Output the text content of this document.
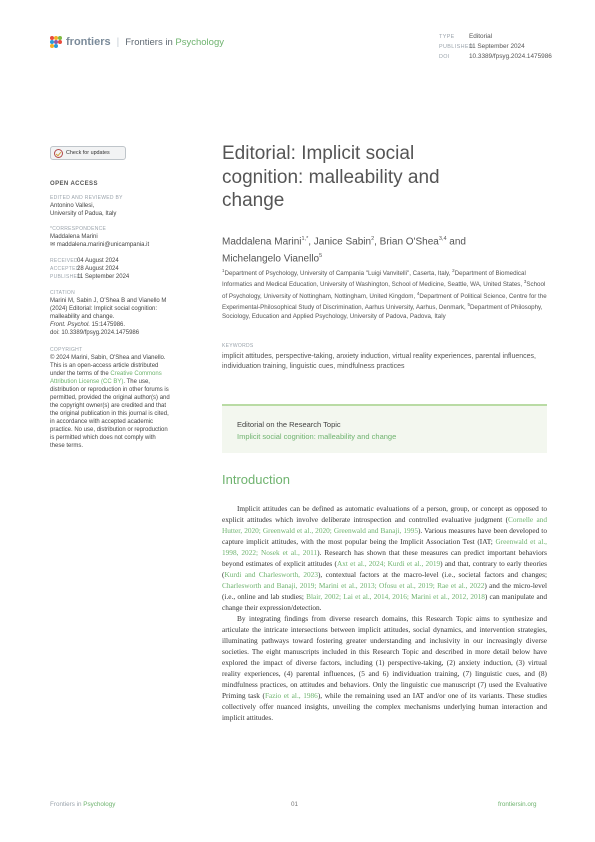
frontiers | Frontiers in Psychology	TYPE Editorial
PUBLISHED11 September 2024
DOI	10.3389/fpsyg.2024.1475986
Check for updates
OPEN ACCESS
EDITED AND REVIEWED BY
Antonino Vallesi,
University of Padua, Italy
*CORRESPONDENCE
Maddalena Marini
✉ maddalena.marini@unicampania.it
RECEIVED04 August 2024
ACCEPTED28 August 2024
PUBLISHED11 September 2024
CITATION
Marini M, Sabin J, O'Shea B and Vianello M
(2024) Editorial: Implicit social cognition:
malleability and change.
Front. Psychol. 15:1475986.
doi: 10.3389/fpsyg.2024.1475986
COPYRIGHT
© 2024 Marini, Sabin, O'Shea and Vianello.
This is an open-access article distributed
under the terms of the Creative Commons
Attribution License (CC BY). The use,
distribution or reproduction in other forums is
permitted, provided the original author(s) and
the copyright owner(s) are credited and that
the original publication in this journal is cited,
in accordance with accepted academic
practice. No use, distribution or reproduction
is permitted which does not comply with
these terms.
Editorial: Implicit social
cognition: malleability and
change
Maddalena Marini$^{1,*}$, Janice Sabin$^2$, Brian O'Shea$^{3,4}$ and
Michelangelo Vianello$^5$
$^1$Department of Psychology, University of Campania "Luigi Vanvitelli", Caserta, Italy, $^2$Department of Biomedical Informatics and Medical Education, University of Washington, School of Medicine, Seattle, WA, United States, $^3$School of Psychology, University of Nottingham, Nottingham, United Kingdom, $^4$Department of Political Science, Centre for the Experimental-Philosophical Study of Discrimination, Aarhus University, Aarhus, Denmark, $^5$Department of Philosophy, Sociology, Education and Applied Psychology, University of Padova, Padova, Italy
KEYWORDS
implicit attitudes, perspective-taking, anxiety induction, virtual reality experiences, parental influences, individuation training, linguistic cues, mindfulness practices
Editorial on the Research Topic
Implicit social cognition: malleability and change
Introduction

Implicit attitudes can be defined as automatic evaluations of a person, group, or concept as opposed to explicit attitudes which involve deliberate introspection and controlled evaluative judgment (Cornelle and Hutter, 2020; Greenwald et al., 2020; Greenwald and Banaji, 1995). Various measures have been developed to capture implicit attitudes, with the most popular being the Implicit Association Test (IAT; Greenwald et al., 1998, 2022; Nosek et al., 2011). Research has shown that these measures can predict important behaviors beyond estimates of explicit attitudes (Axt et al., 2024; Kurdi et al., 2019) and that, contrary to early theories (Kurdi and Charlesworth, 2023), contextual factors at the macro-level (i.e., societal factors and changes; Charlesworth and Banaji, 2019; Marini et al., 2013; Ofosu et al., 2019; Rae et al., 2022) and the micro-level (i.e., online and lab studies; Blair, 2002; Lai et al., 2014, 2016; Marini et al., 2012, 2018) can manipulate and change their expression/detection.

By integrating findings from diverse research domains, this Research Topic aims to synthesize and articulate the intricate intersections between implicit attitudes, social dynamics, and intervention strategies, illuminating pathways toward fostering greater understanding and inclusivity in our increasingly diverse societies. The eight manuscripts included in this Research Topic and described in more detail below have explored the impact of diverse factors, including (1) perspective-taking, (2) anxiety induction, (3) virtual reality experiences, (4) parental influences, (5 and 6) individuation training, (7) linguistic cues, and (8) mindfulness practices, on attitudes and behaviors. Only the linguistic cue manuscript (7) used the Evaluative Priming task (Fazio et al., 1986), while the remaining used an IAT and/or one of its variants. These studies collectively offer nuanced insights, unveiling the complex mechanisms underlying human interaction and implicit attitudes.

Frontiers in Psychology	01	frontiersin.org
